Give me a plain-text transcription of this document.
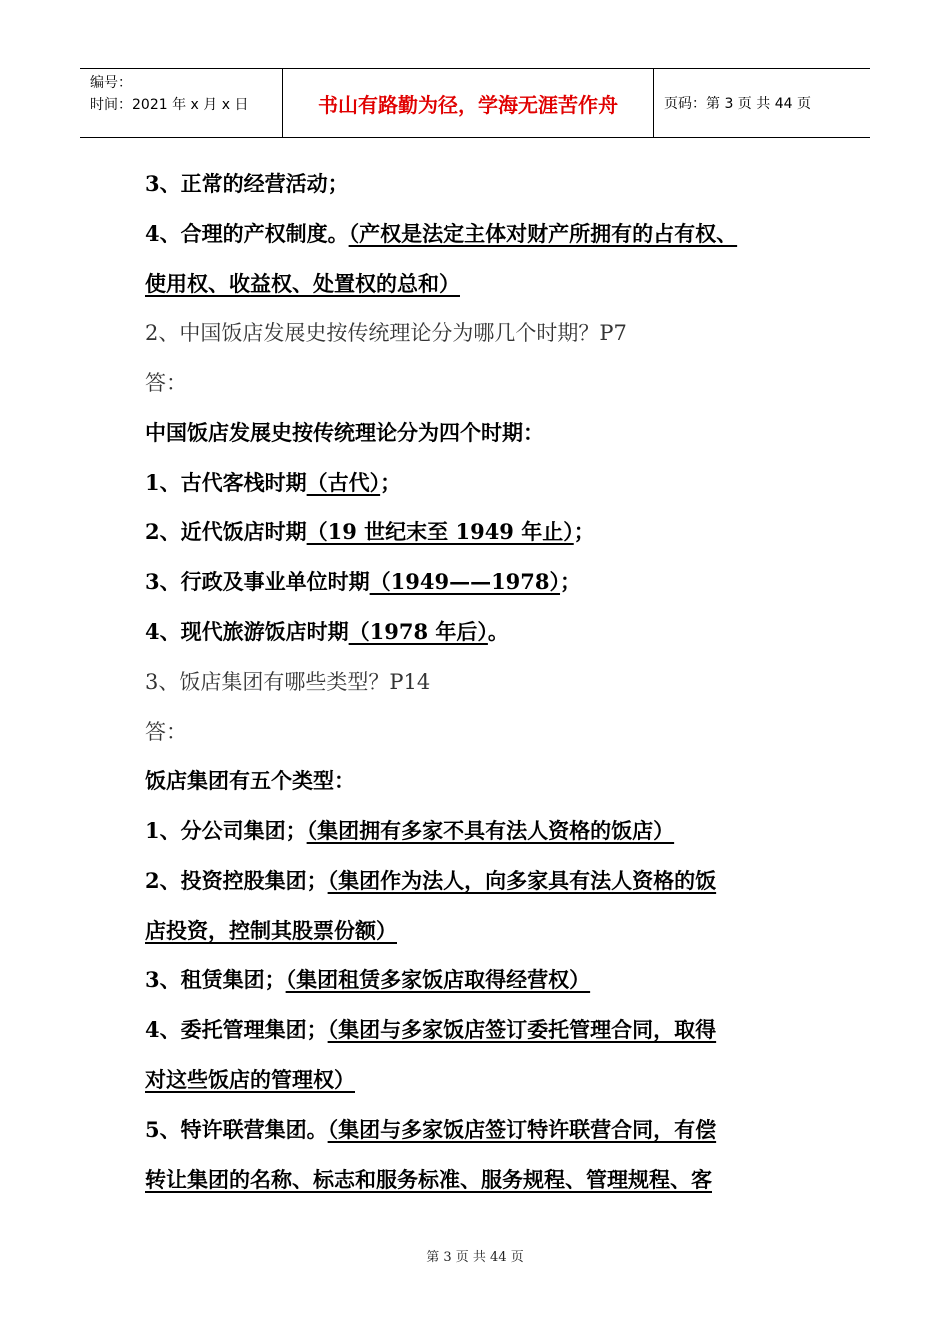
编号：
时间：2021 年 x 月 x 日	书山有路勤为径，学海无涯苦作舟	页码：第 3 页 共 44 页
3、正常的经营活动；
4、合理的产权制度。（产权是法定主体对财产所拥有的占有权、
使用权、收益权、处置权的总和）
2、中国饭店发展史按传统理论分为哪几个时期？P7
答：
中国饭店发展史按传统理论分为四个时期：
1、古代客栈时期（古代）；
2、近代饭店时期（19 世纪末至 1949 年止）；
3、行政及事业单位时期（1949——1978）；
4、现代旅游饭店时期（1978 年后）。
3、饭店集团有哪些类型？P14
答：
饭店集团有五个类型：
1、分公司集团；（集团拥有多家不具有法人资格的饭店）
2、投资控股集团；（集团作为法人，向多家具有法人资格的饭
店投资，控制其股票份额）
3、租赁集团；（集团租赁多家饭店取得经营权）
4、委托管理集团；（集团与多家饭店签订委托管理合同，取得
对这些饭店的管理权）
5、特许联营集团。（集团与多家饭店签订特许联营合同，有偿
转让集团的名称、标志和服务标准、服务规程、管理规程、客
第 3 页 共 44 页
